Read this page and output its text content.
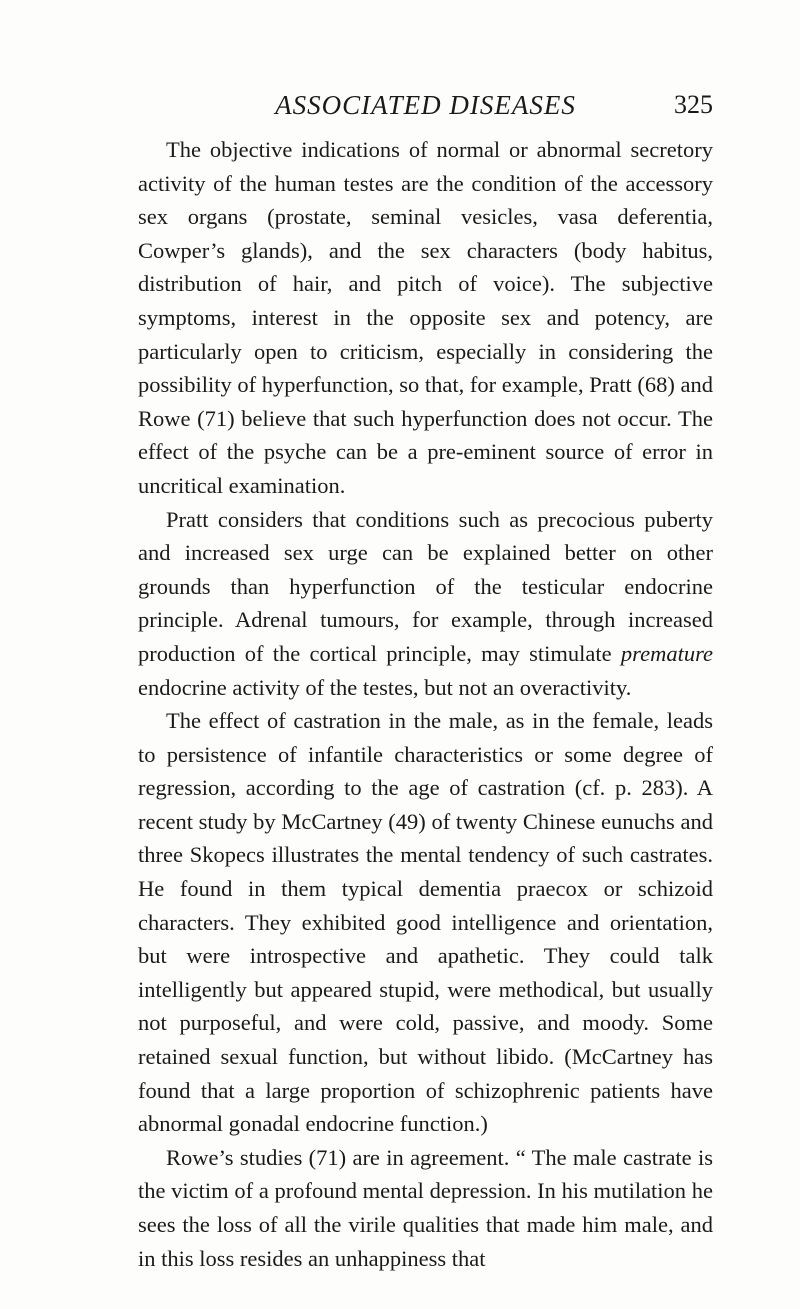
ASSOCIATED DISEASES	325

The objective indications of normal or abnormal secretory activity of the human testes are the condition of the accessory sex organs (prostate, seminal vesicles, vasa deferentia, Cowper’s glands), and the sex characters (body habitus, distribution of hair, and pitch of voice). The subjective symptoms, interest in the opposite sex and potency, are particularly open to criticism, especially in considering the possibility of hyperfunction, so that, for example, Pratt (68) and Rowe (71) believe that such hyperfunction does not occur. The effect of the psyche can be a pre-eminent source of error in uncritical examination.

Pratt considers that conditions such as precocious puberty and increased sex urge can be explained better on other grounds than hyperfunction of the testicular endocrine principle. Adrenal tumours, for example, through increased production of the cortical principle, may stimulate premature endocrine activity of the testes, but not an overactivity.

The effect of castration in the male, as in the female, leads to persistence of infantile characteristics or some degree of regression, according to the age of castration (cf. p. 283). A recent study by McCartney (49) of twenty Chinese eunuchs and three Skopecs illustrates the mental tendency of such castrates. He found in them typical dementia praecox or schizoid characters. They exhibited good intelligence and orientation, but were introspective and apathetic. They could talk intelligently but appeared stupid, were methodical, but usually not purposeful, and were cold, passive, and moody. Some retained sexual function, but without libido. (McCartney has found that a large proportion of schizophrenic patients have abnormal gonadal endocrine function.)

Rowe’s studies (71) are in agreement. “ The male castrate is the victim of a profound mental depression. In his mutilation he sees the loss of all the virile qualities that made him male, and in this loss resides an unhappiness that
